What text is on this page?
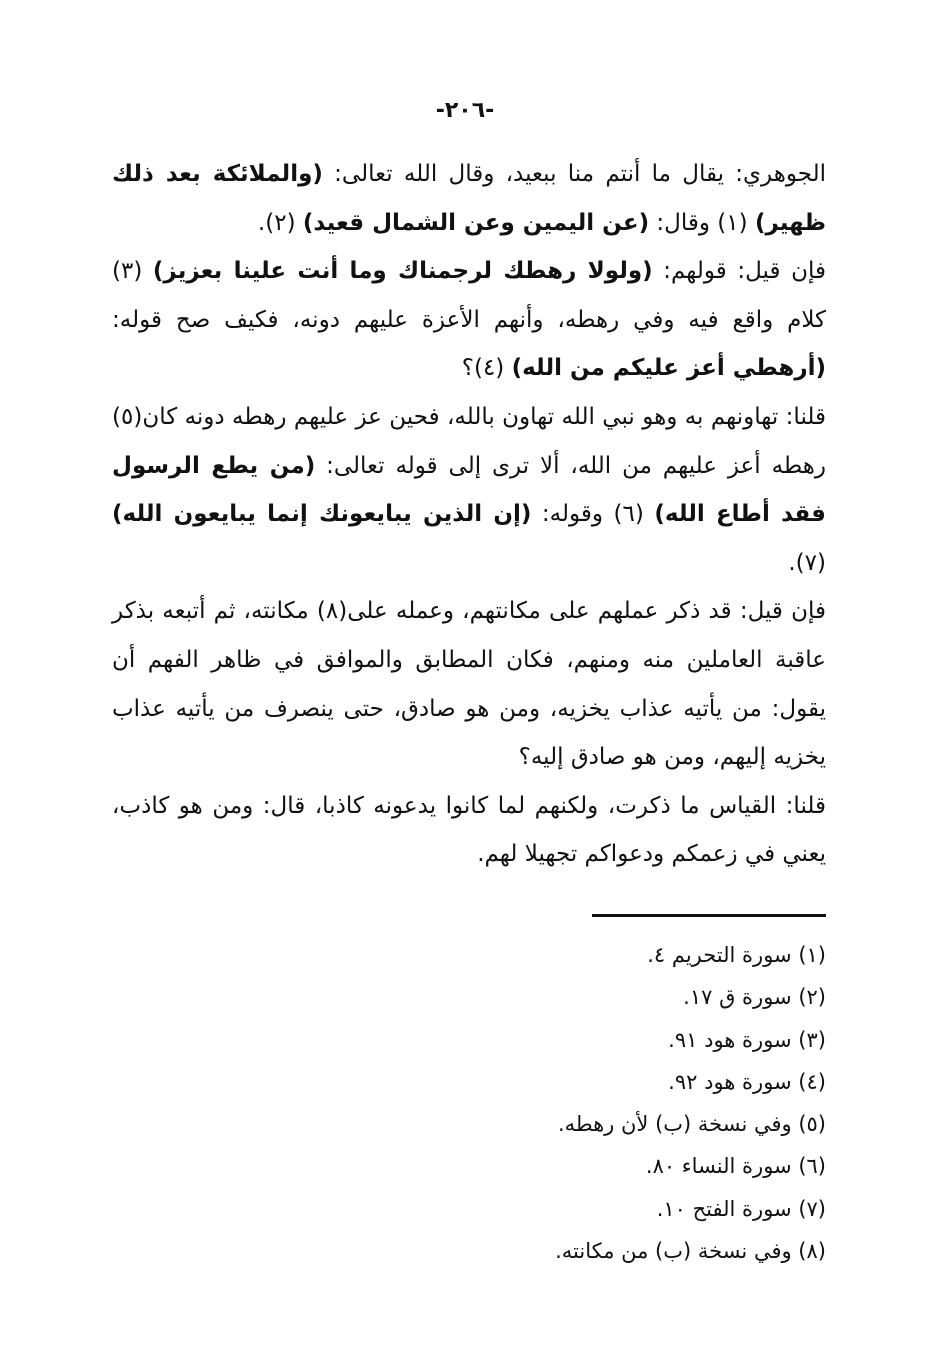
-٢٠٦-

الجوهري: يقال ما أنتم منا ببعيد، وقال الله تعالى: (والملائكة بعد ذلك ظهير) (١) وقال: (عن اليمين وعن الشمال قعيد) (٢).

فإن قيل: قولهم: (ولولا رهطك لرجمناك وما أنت علينا بعزيز) (٣) كلام واقع فيه وفي رهطه، وأنهم الأعزة عليهم دونه، فكيف صح قوله: (أرهطي أعز عليكم من الله) (٤)؟

قلنا: تهاونهم به وهو نبي الله تهاون بالله، فحين عز عليهم رهطه دونه كان(٥) رهطه أعز عليهم من الله، ألا ترى إلى قوله تعالى: (من يطع الرسول فقد أطاع الله) (٦) وقوله: (إن الذين يبايعونك إنما يبايعون الله) (٧).

فإن قيل: قد ذكر عملهم على مكانتهم، وعمله على(٨) مكانته، ثم أتبعه بذكر عاقبة العاملين منه ومنهم، فكان المطابق والموافق في ظاهر الفهم أن يقول: من يأتيه عذاب يخزيه، ومن هو صادق، حتى ينصرف من يأتيه عذاب يخزيه إليهم، ومن هو صادق إليه؟

قلنا: القياس ما ذكرت، ولكنهم لما كانوا يدعونه كاذبا، قال: ومن هو كاذب، يعني في زعمكم ودعواكم تجهيلا لهم.

(١) سورة التحريم ٤.
(٢) سورة ق ١٧.
(٣) سورة هود ٩١.
(٤) سورة هود ٩٢.
(٥) وفي نسخة (ب) لأن رهطه.
(٦) سورة النساء ٨٠.
(٧) سورة الفتح ١٠.
(٨) وفي نسخة (ب) من مكانته.
